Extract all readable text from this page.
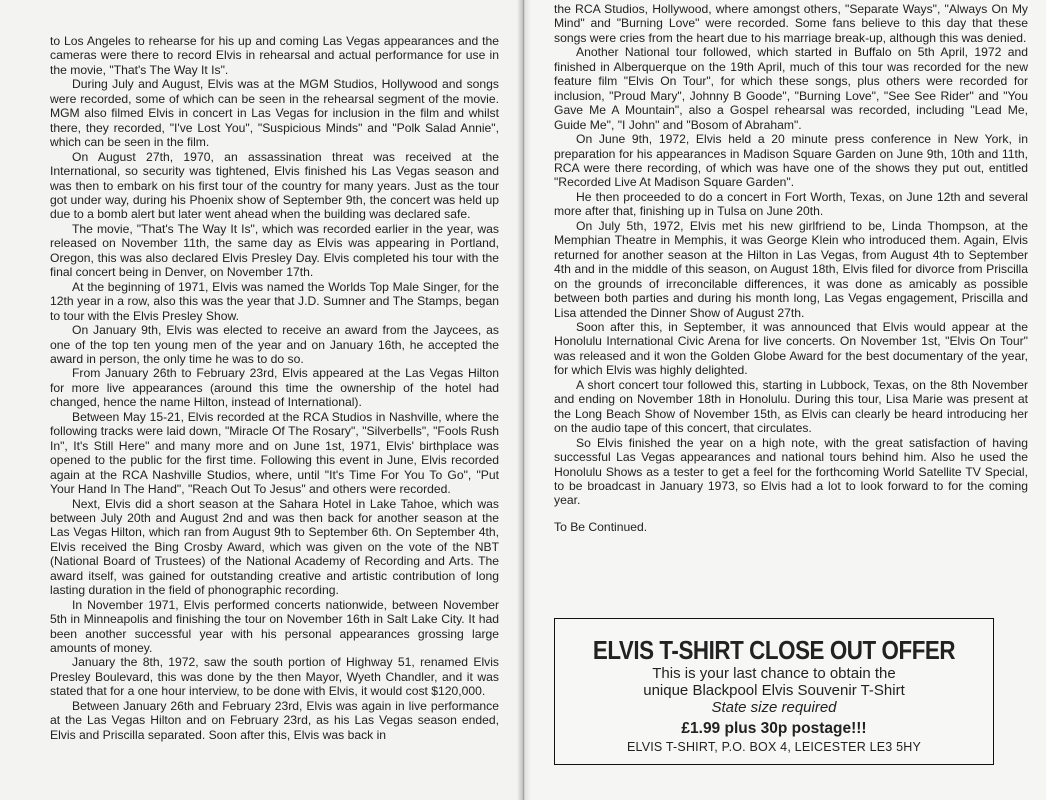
to Los Angeles to rehearse for his up and coming Las Vegas appearances and the cameras were there to record Elvis in rehearsal and actual performance for use in the movie, "That's The Way It Is".

During July and August, Elvis was at the MGM Studios, Hollywood and songs were recorded, some of which can be seen in the rehearsal segment of the movie. MGM also filmed Elvis in concert in Las Vegas for inclusion in the film and whilst there, they recorded, "I've Lost You", "Suspicious Minds" and "Polk Salad Annie", which can be seen in the film.

On August 27th, 1970, an assassination threat was received at the International, so security was tightened, Elvis finished his Las Vegas season and was then to embark on his first tour of the country for many years. Just as the tour got under way, during his Phoenix show of September 9th, the concert was held up due to a bomb alert but later went ahead when the building was declared safe.

The movie, "That's The Way It Is", which was recorded earlier in the year, was released on November 11th, the same day as Elvis was appearing in Portland, Oregon, this was also declared Elvis Presley Day. Elvis completed his tour with the final concert being in Denver, on November 17th.

At the beginning of 1971, Elvis was named the Worlds Top Male Singer, for the 12th year in a row, also this was the year that J.D. Sumner and The Stamps, began to tour with the Elvis Presley Show.

On January 9th, Elvis was elected to receive an award from the Jaycees, as one of the top ten young men of the year and on January 16th, he accepted the award in person, the only time he was to do so.

From January 26th to February 23rd, Elvis appeared at the Las Vegas Hilton for more live appearances (around this time the ownership of the hotel had changed, hence the name Hilton, instead of International).

Between May 15-21, Elvis recorded at the RCA Studios in Nashville, where the following tracks were laid down, "Miracle Of The Rosary", "Silverbells", "Fools Rush In", It's Still Here" and many more and on June 1st, 1971, Elvis' birthplace was opened to the public for the first time. Following this event in June, Elvis recorded again at the RCA Nashville Studios, where, until "It's Time For You To Go", "Put Your Hand In The Hand", "Reach Out To Jesus" and others were recorded.

Next, Elvis did a short season at the Sahara Hotel in Lake Tahoe, which was between July 20th and August 2nd and was then back for another season at the Las Vegas Hilton, which ran from August 9th to September 6th. On September 4th, Elvis received the Bing Crosby Award, which was given on the vote of the NBT (National Board of Trustees) of the National Academy of Recording and Arts. The award itself, was gained for outstanding creative and artistic contribution of long lasting duration in the field of phonographic recording.

In November 1971, Elvis performed concerts nationwide, between November 5th in Minneapolis and finishing the tour on November 16th in Salt Lake City. It had been another successful year with his personal appearances grossing large amounts of money.

January the 8th, 1972, saw the south portion of Highway 51, renamed Elvis Presley Boulevard, this was done by the then Mayor, Wyeth Chandler, and it was stated that for a one hour interview, to be done with Elvis, it would cost $120,000.

Between January 26th and February 23rd, Elvis was again in live performance at the Las Vegas Hilton and on February 23rd, as his Las Vegas season ended, Elvis and Priscilla separated. Soon after this, Elvis was back in

the RCA Studios, Hollywood, where amongst others, "Separate Ways", "Always On My Mind" and "Burning Love" were recorded. Some fans believe to this day that these songs were cries from the heart due to his marriage break-up, although this was denied.

Another National tour followed, which started in Buffalo on 5th April, 1972 and finished in Alberquerque on the 19th April, much of this tour was recorded for the new feature film "Elvis On Tour", for which these songs, plus others were recorded for inclusion, "Proud Mary", Johnny B Goode", "Burning Love", "See See Rider" and "You Gave Me A Mountain", also a Gospel rehearsal was recorded, including "Lead Me, Guide Me", "I John" and "Bosom of Abraham".

On June 9th, 1972, Elvis held a 20 minute press conference in New York, in preparation for his appearances in Madison Square Garden on June 9th, 10th and 11th, RCA were there recording, of which was have one of the shows they put out, entitled "Recorded Live At Madison Square Garden".

He then proceeded to do a concert in Fort Worth, Texas, on June 12th and several more after that, finishing up in Tulsa on June 20th.

On July 5th, 1972, Elvis met his new girlfriend to be, Linda Thompson, at the Memphian Theatre in Memphis, it was George Klein who introduced them. Again, Elvis returned for another season at the Hilton in Las Vegas, from August 4th to September 4th and in the middle of this season, on August 18th, Elvis filed for divorce from Priscilla on the grounds of irreconcilable differences, it was done as amicably as possible between both parties and during his month long, Las Vegas engagement, Priscilla and Lisa attended the Dinner Show of August 27th.

Soon after this, in September, it was announced that Elvis would appear at the Honolulu International Civic Arena for live concerts. On November 1st, "Elvis On Tour" was released and it won the Golden Globe Award for the best documentary of the year, for which Elvis was highly delighted.

A short concert tour followed this, starting in Lubbock, Texas, on the 8th November and ending on November 18th in Honolulu. During this tour, Lisa Marie was present at the Long Beach Show of November 15th, as Elvis can clearly be heard introducing her on the audio tape of this concert, that circulates.

So Elvis finished the year on a high note, with the great satisfaction of having successful Las Vegas appearances and national tours behind him. Also he used the Honolulu Shows as a tester to get a feel for the forthcoming World Satellite TV Special, to be broadcast in January 1973, so Elvis had a lot to look forward to for the coming year.

To Be Continued.

ELVIS T-SHIRT CLOSE OUT OFFER
This is your last chance to obtain the
unique Blackpool Elvis Souvenir T-Shirt
State size required
£1.99 plus 30p postage!!!
ELVIS T-SHIRT, P.O. BOX 4, LEICESTER LE3 5HY
